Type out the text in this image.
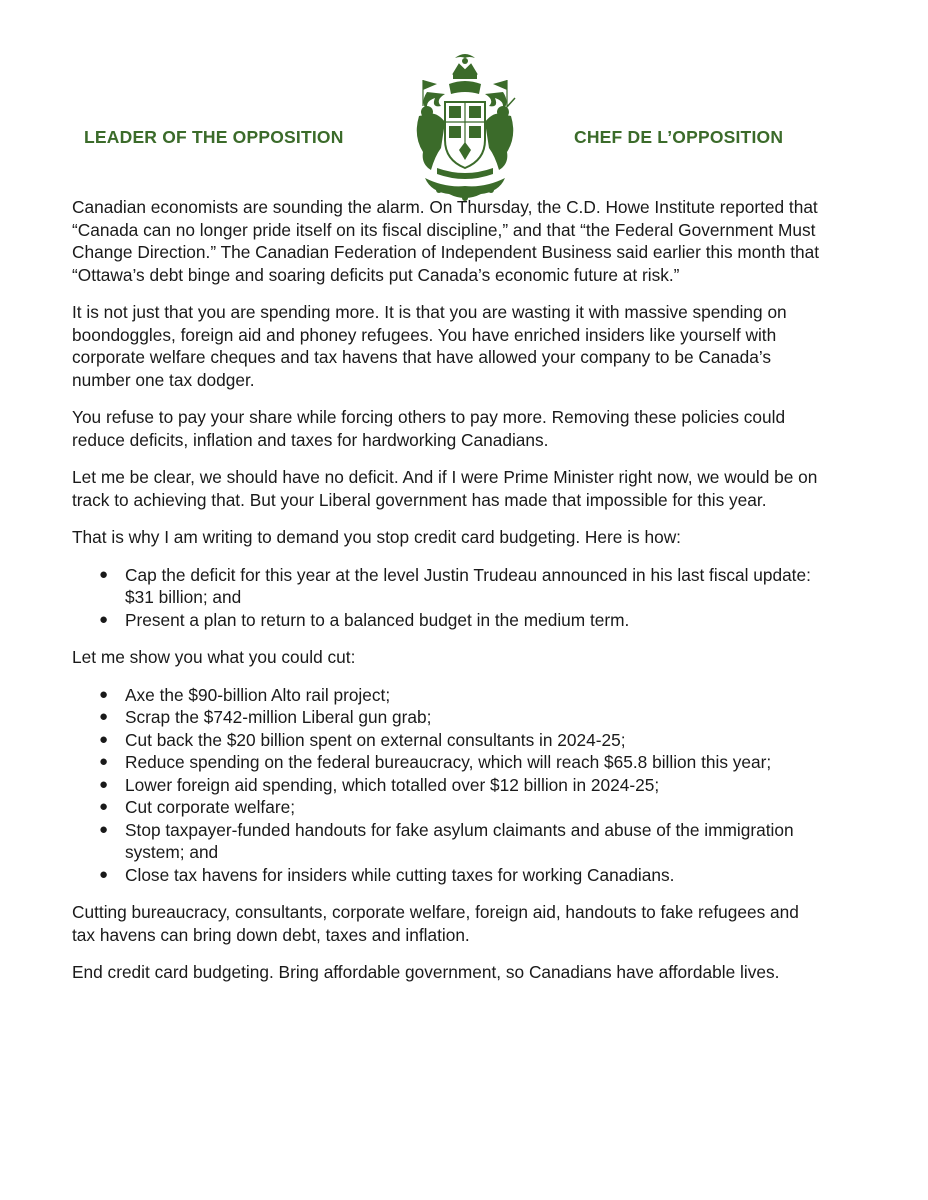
LEADER OF THE OPPOSITION	CHEF DE L’OPPOSITION

Canadian economists are sounding the alarm. On Thursday, the C.D. Howe Institute reported that “Canada can no longer pride itself on its fiscal discipline,” and that “the Federal Government Must Change Direction.” The Canadian Federation of Independent Business said earlier this month that “Ottawa’s debt binge and soaring deficits put Canada’s economic future at risk.”

It is not just that you are spending more. It is that you are wasting it with massive spending on boondoggles, foreign aid and phoney refugees. You have enriched insiders like yourself with corporate welfare cheques and tax havens that have allowed your company to be Canada’s number one tax dodger.

You refuse to pay your share while forcing others to pay more. Removing these policies could reduce deficits, inflation and taxes for hardworking Canadians.

Let me be clear, we should have no deficit. And if I were Prime Minister right now, we would be on track to achieving that. But your Liberal government has made that impossible for this year.

That is why I am writing to demand you stop credit card budgeting. Here is how:

● Cap the deficit for this year at the level Justin Trudeau announced in his last fiscal update: $31 billion; and
● Present a plan to return to a balanced budget in the medium term.

Let me show you what you could cut:

● Axe the $90-billion Alto rail project;
● Scrap the $742-million Liberal gun grab;
● Cut back the $20 billion spent on external consultants in 2024-25;
● Reduce spending on the federal bureaucracy, which will reach $65.8 billion this year;
● Lower foreign aid spending, which totalled over $12 billion in 2024-25;
● Cut corporate welfare;
● Stop taxpayer-funded handouts for fake asylum claimants and abuse of the immigration system; and
● Close tax havens for insiders while cutting taxes for working Canadians.

Cutting bureaucracy, consultants, corporate welfare, foreign aid, handouts to fake refugees and tax havens can bring down debt, taxes and inflation.

End credit card budgeting. Bring affordable government, so Canadians have affordable lives.
